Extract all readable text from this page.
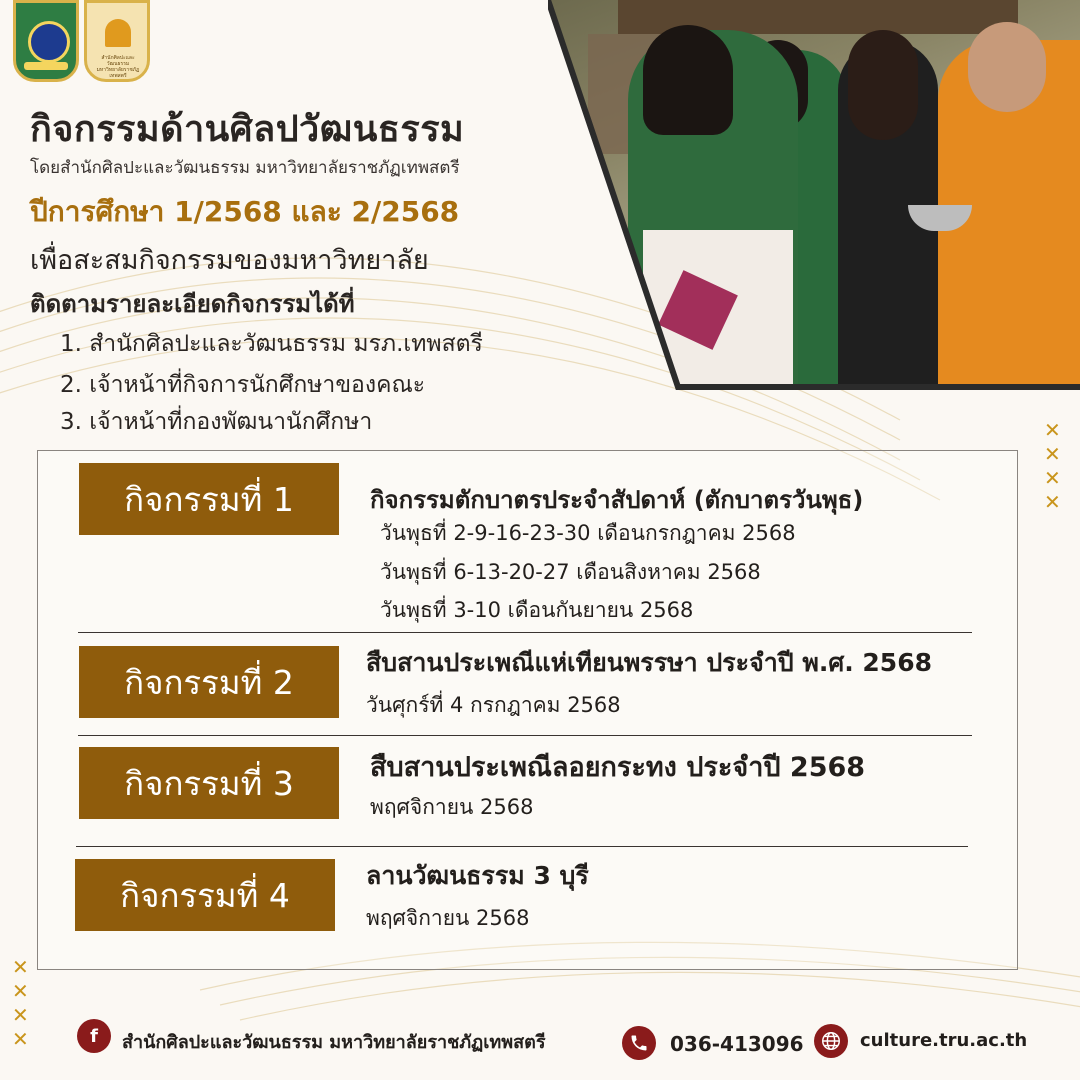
สำนักศิลปะและวัฒนธรรม มหาวิทยาลัยราชภัฏเทพสตรี
กิจกรรมด้านศิลปวัฒนธรรม
โดยสำนักศิลปะและวัฒนธรรม มหาวิทยาลัยราชภัฏเทพสตรี
ปีการศึกษา 1/2568 และ 2/2568
เพื่อสะสมกิจกรรมของมหาวิทยาลัย
ติดตามรายละเอียดกิจกรรมได้ที่
1. สำนักศิลปะและวัฒนธรรม มรภ.เทพสตรี
2. เจ้าหน้าที่กิจการนักศึกษาของคณะ
3. เจ้าหน้าที่กองพัฒนานักศึกษา	✕
✕
✕
✕
✕
✕
✕
✕
กิจกรรมที่ 1	กิจกรรมตักบาตรประจำสัปดาห์ (ตักบาตรวันพุธ)
วันพุธที่ 2-9-16-23-30 เดือนกรกฎาคม 2568
วันพุธที่ 6-13-20-27 เดือนสิงหาคม 2568
วันพุธที่ 3-10 เดือนกันยายน 2568
กิจกรรมที่ 2	สืบสานประเพณีแห่เทียนพรรษา ประจำปี พ.ศ. 2568
วันศุกร์ที่ 4 กรกฎาคม 2568
กิจกรรมที่ 3	สืบสานประเพณีลอยกระทง ประจำปี 2568
พฤศจิกายน 2568
กิจกรรมที่ 4	ลานวัฒนธรรม 3 บุรี
พฤศจิกายน 2568
f	สำนักศิลปะและวัฒนธรรม มหาวิทยาลัยราชภัฏเทพสตรี	036-413096	culture.tru.ac.th
